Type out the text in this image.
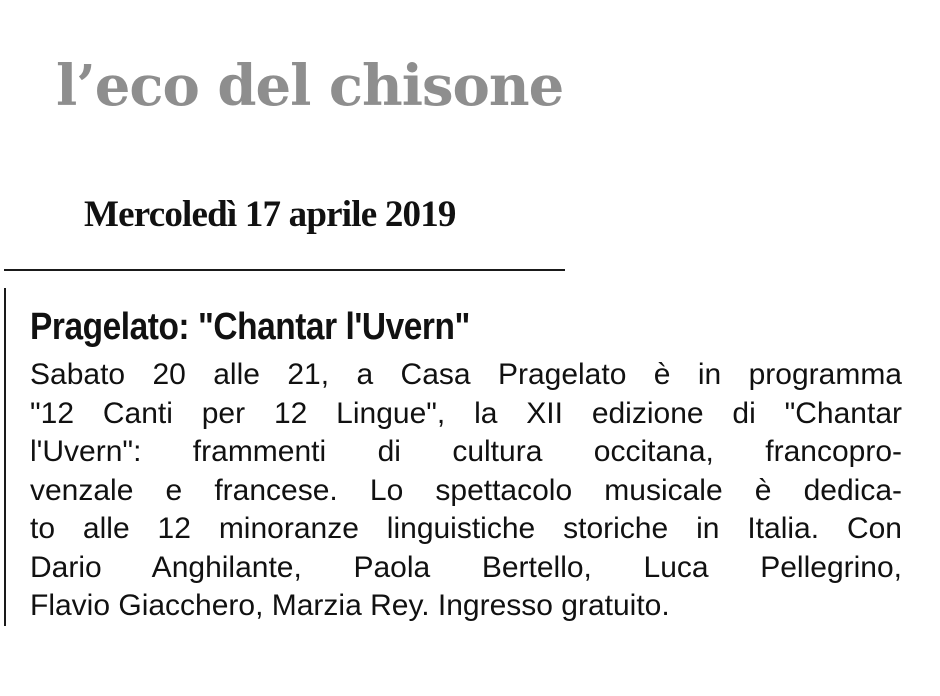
l’eco del chisone
Mercoledì 17 aprile 2019
Pragelato: "Chantar l'Uvern"
Sabato 20 alle 21, a Casa Pragelato è in programma
"12 Canti per 12 Lingue", la XII edizione di "Chantar
l'Uvern": frammenti di cultura occitana, francopro-
venzale e francese. Lo spettacolo musicale è dedica-
to alle 12 minoranze linguistiche storiche in Italia. Con
Dario Anghilante, Paola Bertello, Luca Pellegrino,
Flavio Giacchero, Marzia Rey. Ingresso gratuito.
